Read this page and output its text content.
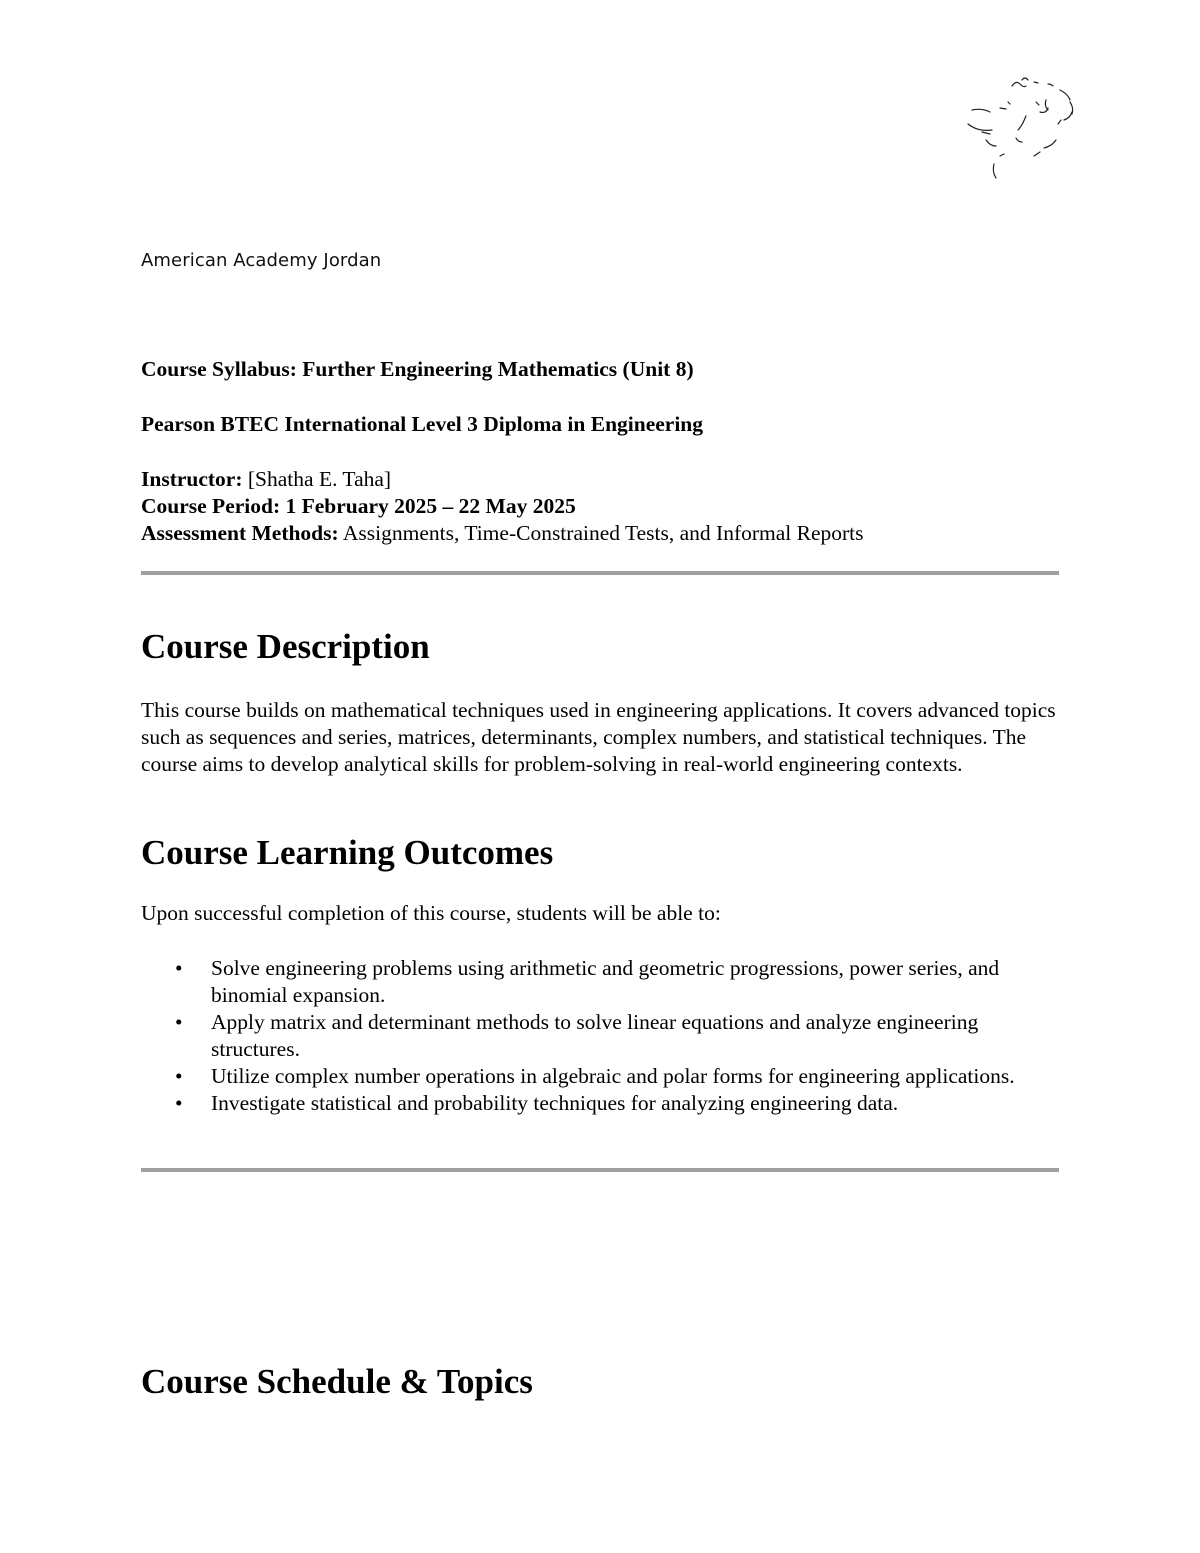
American Academy Jordan
Course Syllabus: Further Engineering Mathematics (Unit 8)
Pearson BTEC International Level 3 Diploma in Engineering
Instructor: [Shatha E. Taha]
Course Period: 1 February 2025 – 22 May 2025
Assessment Methods: Assignments, Time-Constrained Tests, and Informal Reports
Course Description

This course builds on mathematical techniques used in engineering applications. It covers advanced topics such as sequences and series, matrices, determinants, complex numbers, and statistical techniques. The course aims to develop analytical skills for problem-solving in real-world engineering contexts.

Course Learning Outcomes

Upon successful completion of this course, students will be able to:

• Solve engineering problems using arithmetic and geometric progressions, power series, and binomial expansion.
• Apply matrix and determinant methods to solve linear equations and analyze engineering structures.
• Utilize complex number operations in algebraic and polar forms for engineering applications.
• Investigate statistical and probability techniques for analyzing engineering data.
Course Schedule & Topics
